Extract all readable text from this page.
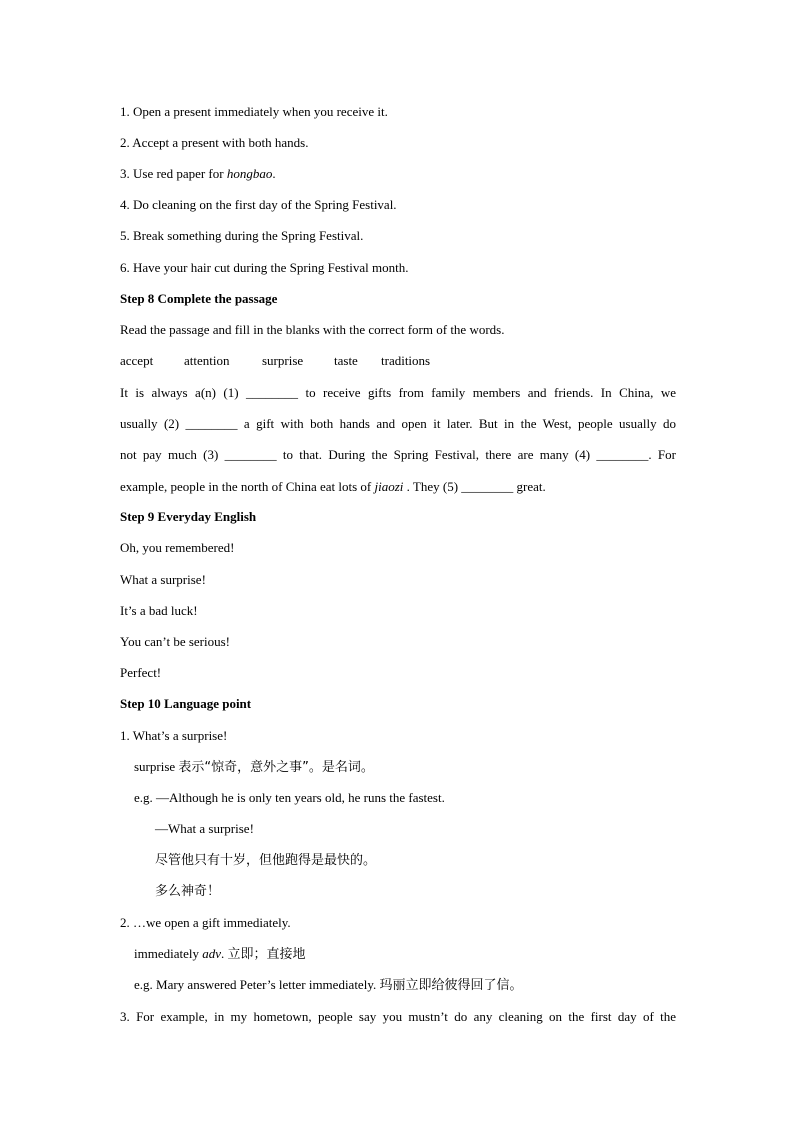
1. Open a present immediately when you receive it.
2. Accept a present with both hands.
3. Use red paper for hongbao.
4. Do cleaning on the first day of the Spring Festival.
5. Break something during the Spring Festival.
6. Have your hair cut during the Spring Festival month.
Step 8 Complete the passage
Read the passage and fill in the blanks with the correct form of the words.
accept attention	surprise taste traditions
It is always a(n) (1) ________ to receive gifts from family members and friends. In China, we
usually (2) ________ a gift with both hands and open it later. But in the West, people usually do
not pay much (3) ________ to that. During the Spring Festival, there are many (4) ________. For
example, people in the north of China eat lots of jiaozi . They (5) ________ great.
Step 9 Everyday English
Oh, you remembered!
What a surprise!
It’s a bad luck!
You can’t be serious!
Perfect!
Step 10 Language point
1. What’s a surprise!
surprise 表示“惊奇，意外之事”。是名词。
e.g. —Although he is only ten years old, he runs the fastest.
—What a surprise!
尽管他只有十岁，但他跑得是最快的。
多么神奇！
2. …we open a gift immediately.
immediately adv. 立即；直接地
e.g. Mary answered Peter’s letter immediately. 玛丽立即给彼得回了信。
3. For example, in my hometown, people say you mustn’t do any cleaning on the first day of the
